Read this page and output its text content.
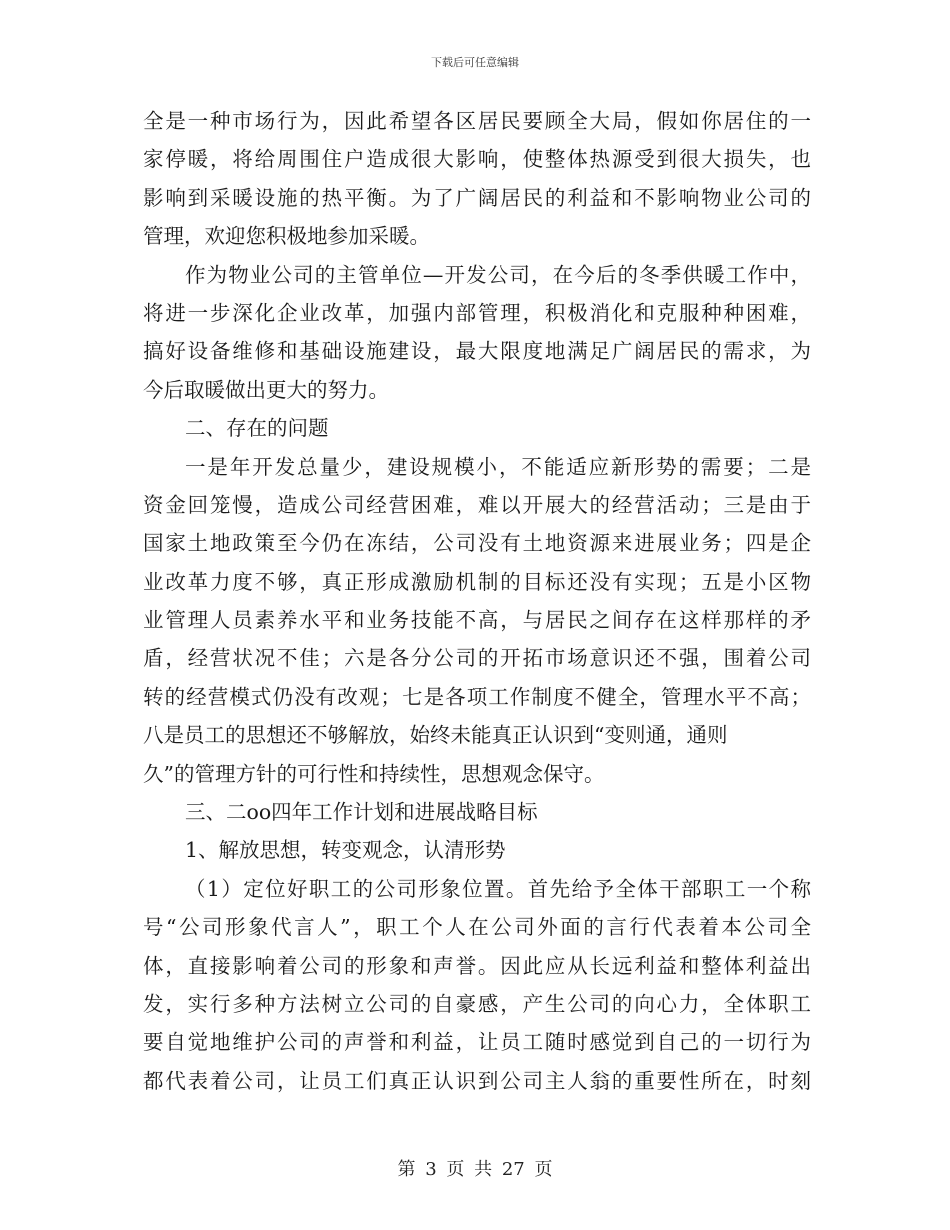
下载后可任意编辑
全是一种市场行为，因此希望各区居民要顾全大局，假如你居住的一
家停暖，将给周围住户造成很大影响，使整体热源受到很大损失，也
影响到采暖设施的热平衡。为了广阔居民的利益和不影响物业公司的
管理，欢迎您积极地参加采暖。
作为物业公司的主管单位—开发公司，在今后的冬季供暖工作中，
将进一步深化企业改革，加强内部管理，积极消化和克服种种困难，
搞好设备维修和基础设施建设，最大限度地满足广阔居民的需求，为
今后取暖做出更大的努力。
二、存在的问题
一是年开发总量少，建设规模小，不能适应新形势的需要；二是
资金回笼慢，造成公司经营困难，难以开展大的经营活动；三是由于
国家土地政策至今仍在冻结，公司没有土地资源来进展业务；四是企
业改革力度不够，真正形成激励机制的目标还没有实现；五是小区物
业管理人员素养水平和业务技能不高，与居民之间存在这样那样的矛
盾，经营状况不佳；六是各分公司的开拓市场意识还不强，围着公司
转的经营模式仍没有改观；七是各项工作制度不健全，管理水平不高；
八是员工的思想还不够解放，始终未能真正认识到“变则通，通则
久”的管理方针的可行性和持续性，思想观念保守。
三、二oo四年工作计划和进展战略目标
1、解放思想，转变观念，认清形势
（1）定位好职工的公司形象位置。首先给予全体干部职工一个称
号“公司形象代言人”，职工个人在公司外面的言行代表着本公司全
体，直接影响着公司的形象和声誉。因此应从长远利益和整体利益出
发，实行多种方法树立公司的自豪感，产生公司的向心力，全体职工
要自觉地维护公司的声誉和利益，让员工随时感觉到自己的一切行为
都代表着公司，让员工们真正认识到公司主人翁的重要性所在，时刻
第 3 页 共 27 页
